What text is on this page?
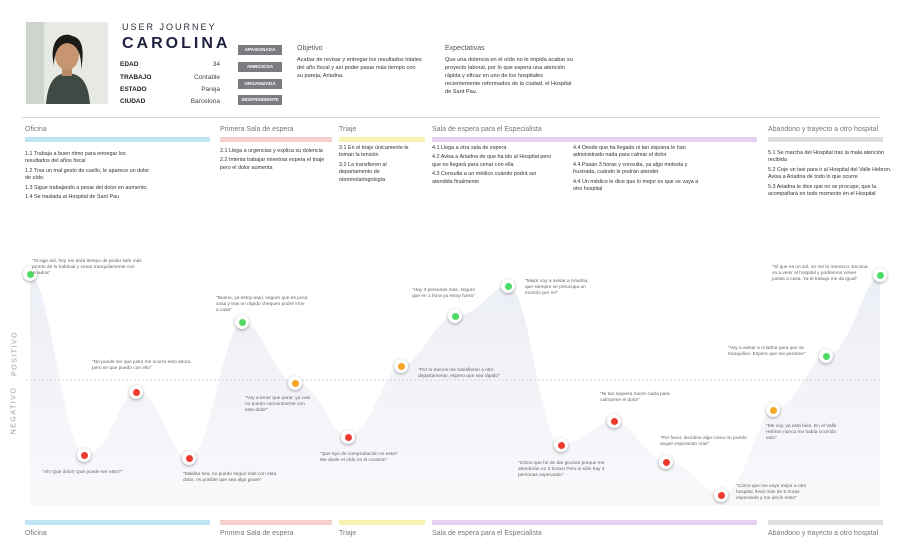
USER JOURNEY
CAROLINA
EDAD	34
TRABAJO	Contable
ESTADO	Pareja
CIUDAD	Barcelona
APASIONADA
AMBICIOSA
ORGANIZADA
INDEPENDIENTE
Objetivo
Acabar de revisar y entregar los resultados totales del año fiscal y así poder pasar más tiempo con su pareja, Ariadna.
Expectativas
Que una dolencia en el oído no le impida acabar su proyecto laboral, por lo que espera una atención rápida y eficaz en uno de los hospitales recientemente reformados de la ciudad, el Hospital de Sant Pau.
Oficina	Primera Sala de espera	Triaje	Sala de espera para el Especialista	Abandono y trayecto a otro hospital

1.1 Trabaja a buen ritmo para entregar los resultados del años fiscal

1.2 Tras un mal gesto de cuello, le aparece un dolor de oído.

1.3 Sigue trabajando a pesar del dolor en aumento.

1.4 Se traslada al Hospital de Sant Pau

2.1 Llega a urgencias y explica su dolencia

2.2 Intenta trabajar mientras espera el triaje pero el dolor aumenta

3.1 En el triaje únicamente le toman la tensión

3.2 La transfieren al departamento de otorrinolaringología

4.1 Llega a otra sala de espera

4.2 Avisa a Ariadna de que ha ido al Hospital pero que no llegará para cenar con ella

4.3 Consulta a un médico cuándo podrá ser atendida finalmente

4.4 Desde que ha llegado ni tan siquiera le han administrado nada para calmar el dolor

4.4 Pasan 3 horas y consulta, ya algo molesta y frustrada, cuándo le podrán atender

4.4 Un médico le dice que lo mejor es que se vaya a otro hospital

5.1 Se marcha del Hospital tras la mala atención recibida

5.2 Coje un taxi para ir al Hospital del Valle Hebron. Avisa a Ariadna de todo lo que ocurre

5.3 Ariadna le dice que no se procupe, que la acompañará en todo momento en el Hospital

POSITIVO
NEGATIVO
"Si sigo así, hoy me dará tiempo de poder salir más pronto de lo habitual y cenar tranquilamente con Ariadna"
"Ah! Qué dolor! Qué puede ser esto?"
"No puede ser que justo me ocurra esto ahora, pero se que puedo con ello"
"Maldita sea, no puedo seguir más con esta dolor, es posible que sea algo grave"
"Bueno, ya estoy aquí, seguro que es poca cosa y tras un rápido chequeo podré irme a casa"
"Voy a tener que parar, ya casi no puedo concentrarme con este dolor"
"Que tipo de comprobación es esta? Me duele el oído no el corazón"
"Por lo menos me transfieren a otro departamento, espero que sea rápido"
"Hay 3 personas más, seguro que en 1 hora ya estoy fuera"
"Mejor voy a avisar a Ariadna, que siempre se preocupa un montón por mí"
"Cómo que he de dar gracias porque me atenderán en 3 horas! Pero si sólo hay 3 personas esperando"
"Ni tan siquiera hacen nada para calmarme el dolor"
"Por favor, decidme algo como no puedo seguir esperando más"
"Cómo que me vaya mejor a otro hospital, llevó más de 5 horas esperando y me decís esto!"
"Me voy, ya está bien. En el Valle Hebron nunca me había ocurrido esto"
"Voy a avisar a Ariadna para que se tranquilice. Espero que me perdone"
"Sí que es un sol, no me lo merezco. Encima va a venir al hospital y podremos volver juntas a casa. Ya el trabajo me da igual"
Oficina	Primera Sala de espera	Triaje	Sala de espera para el Especialista	Abandono y trayecto a otro hospital
